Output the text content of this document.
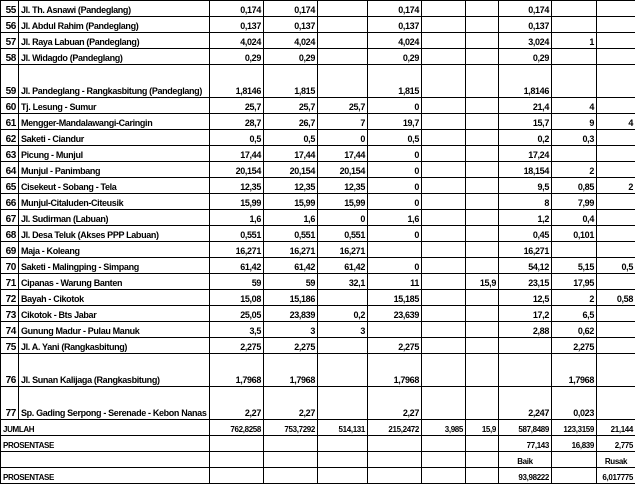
55	Jl. Th. Asnawi (Pandeglang)	0,174	0,174		0,174			0,174		
56	Jl. Abdul Rahim (Pandeglang)	0,137	0,137		0,137			0,137		
57	Jl. Raya Labuan (Pandeglang)	4,024	4,024		4,024			3,024	1	
58	Jl. Widagdo (Pandeglang)	0,29	0,29		0,29			0,29		
59	Jl. Pandeglang - Rangkasbitung (Pandeglang)	1,8146	1,815		1,815			1,8146		
60	Tj. Lesung - Sumur	25,7	25,7	25,7	0			21,4	4	
61	Mengger-Mandalawangi-Caringin	28,7	26,7	7	19,7			15,7	9	4
62	Saketi - Ciandur	0,5	0,5	0	0,5			0,2	0,3	
63	Picung - Munjul	17,44	17,44	17,44	0			17,24		
64	Munjul - Panimbang	20,154	20,154	20,154	0			18,154	2	
65	Cisekeut - Sobang - Tela	12,35	12,35	12,35	0			9,5	0,85	2
66	Munjul-Citaluden-Citeusik	15,99	15,99	15,99	0			8	7,99	
67	Jl. Sudirman (Labuan)	1,6	1,6	0	1,6			1,2	0,4	
68	Jl. Desa Teluk (Akses PPP Labuan)	0,551	0,551	0,551	0			0,45	0,101	
69	Maja - Koleang	16,271	16,271	16,271				16,271		
70	Saketi - Malingping - Simpang	61,42	61,42	61,42	0			54,12	5,15	0,5
71	Cipanas - Warung Banten	59	59	32,1	11		15,9	23,15	17,95	
72	Bayah - Cikotok	15,08	15,186		15,185			12,5	2	0,58
73	Cikotok - Bts Jabar	25,05	23,839	0,2	23,639			17,2	6,5	
74	Gunung Madur - Pulau Manuk	3,5	3	3				2,88	0,62	
75	Jl. A. Yani (Rangkasbitung)	2,275	2,275		2,275				2,275	
76	Jl. Sunan Kalijaga (Rangkasbitung)	1,7968	1,7968		1,7968				1,7968	
77	Sp. Gading Serpong - Serenade - Kebon Nanas	2,27	2,27		2,27			2,247	0,023	
JUMLAH		762,8258	753,7292	514,131	215,2472	3,985	15,9	587,8489	123,3159	21,144
PROSENTASE								77,143	16,839	2,775
								Baik		Rusak
PROSENTASE								93,98222		6,017775
